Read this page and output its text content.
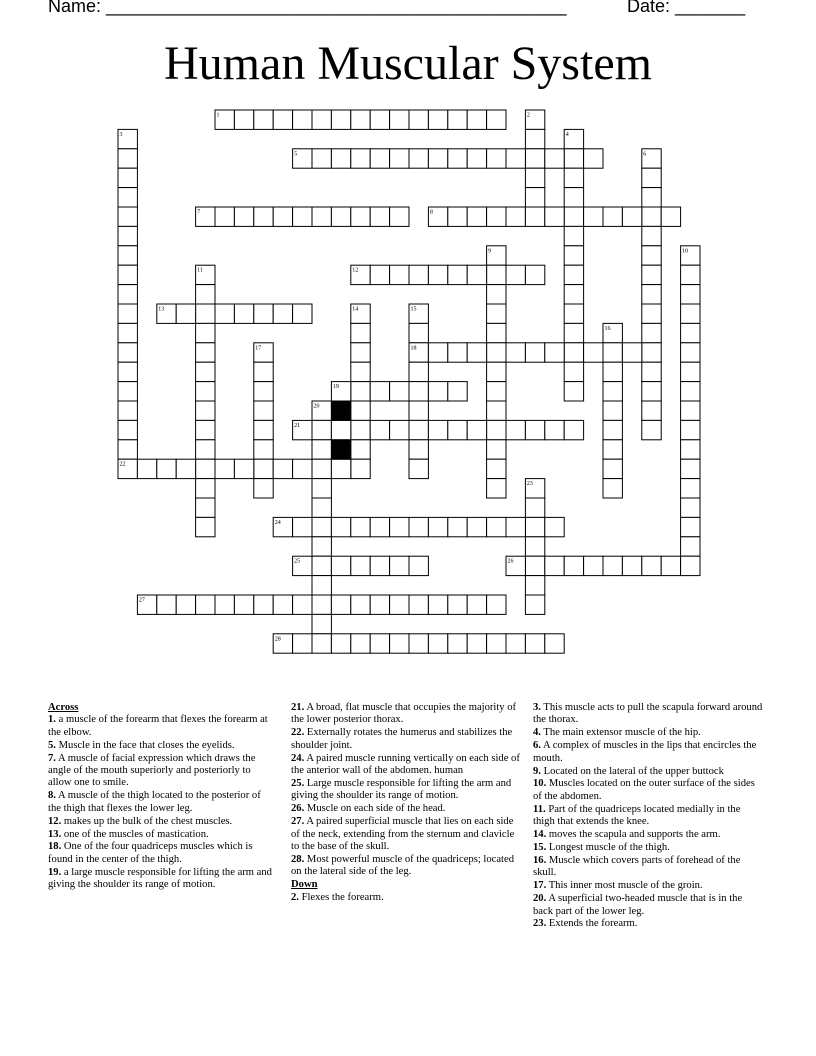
Name: ______________________________________________	Date: _______
Human Muscular System
1	2
3	4
5	6
7	8
9	10
11	12
13	14	15
16
17	18
19
20
21
22
23
24
25	26
27
28
Across
1. a muscle of the forearm that flexes the forearm at the elbow.
5. Muscle in the face that closes the eyelids.
7. A muscle of facial expression which draws the angle of the mouth superiorly and posteriorly to allow one to smile.
8. A muscle of the thigh located to the posterior of the thigh that flexes the lower leg.
12. makes up the bulk of the chest muscles.
13. one of the muscles of mastication.
18. One of the four quadriceps muscles which is found in the center of the thigh.
19. a large muscle responsible for lifting the arm and giving the shoulder its range of motion.
21. A broad, flat muscle that occupies the majority of the lower posterior thorax.
22. Externally rotates the humerus and stabilizes the shoulder joint.
24. A paired muscle running vertically on each side of the anterior wall of the abdomen. human
25. Large muscle responsible for lifting the arm and giving the shoulder its range of motion.
26. Muscle on each side of the head.
27. A paired superficial muscle that lies on each side of the neck, extending from the sternum and clavicle to the base of the skull.
28. Most powerful muscle of the quadriceps; located on the lateral side of the leg.
Down
2. Flexes the forearm.
3. This muscle acts to pull the scapula forward around the thorax.
4. The main extensor muscle of the hip.
6. A complex of muscles in the lips that encircles the mouth.
9. Located on the lateral of the upper buttock
10. Muscles located on the outer surface of the sides of the abdomen.
11. Part of the quadriceps located medially in the thigh that extends the knee.
14. moves the scapula and supports the arm.
15. Longest muscle of the thigh.
16. Muscle which covers parts of forehead of the skull.
17. This inner most muscle of the groin.
20. A superficial two-headed muscle that is in the back part of the lower leg.
23. Extends the forearm.
